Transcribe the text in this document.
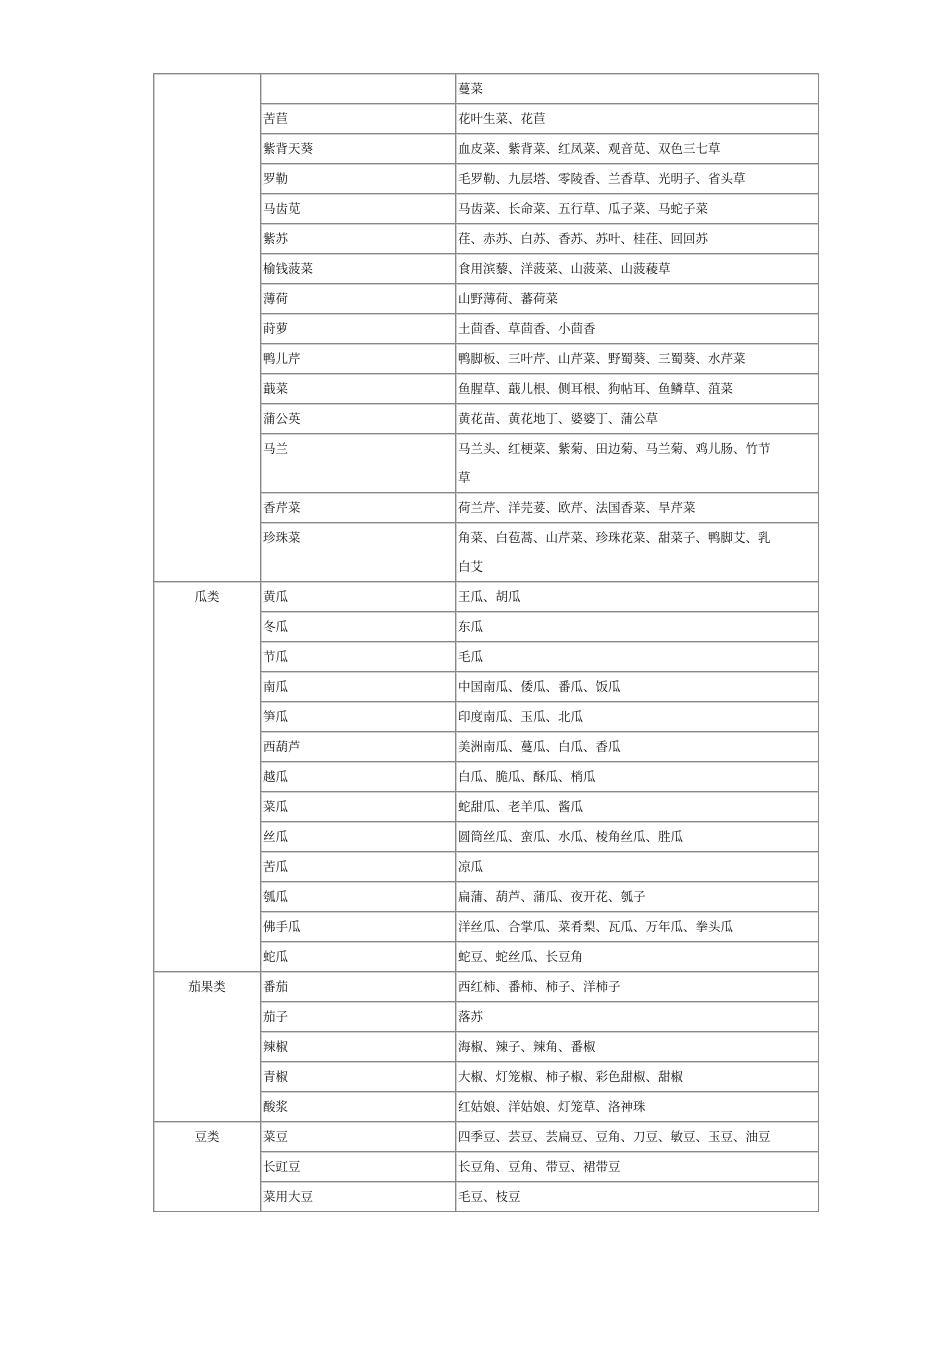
		蔓菜
	苦苣	花叶生菜、花苣
	紫背天葵	血皮菜、紫背菜、红凤菜、观音苋、双色三七草
	罗勒	毛罗勒、九层塔、零陵香、兰香草、光明子、省头草
	马齿苋	马齿菜、长命菜、五行草、瓜子菜、马蛇子菜
	紫苏	荏、赤苏、白苏、香苏、苏叶、桂荏、回回苏
	榆钱菠菜	食用滨藜、洋菠菜、山菠菜、山菠薐草
	薄荷	山野薄荷、蕃荷菜
	莳萝	土茴香、草茴香、小茴香
	鸭儿芹	鸭脚板、三叶芹、山芹菜、野蜀葵、三蜀葵、水芹菜
	蕺菜	鱼腥草、蕺儿根、侧耳根、狗帖耳、鱼鳞草、菹菜
	蒲公英	黄花苗、黄花地丁、婆婆丁、蒲公草
	马兰	马兰头、红梗菜、紫菊、田边菊、马兰菊、鸡儿肠、竹节草
	香芹菜	荷兰芹、洋芫荽、欧芹、法国香菜、旱芹菜
	珍珠菜	角菜、白苞蒿、山芹菜、珍珠花菜、甜菜子、鸭脚艾、乳白艾
瓜类	黄瓜	王瓜、胡瓜
	冬瓜	东瓜
	节瓜	毛瓜
	南瓜	中国南瓜、倭瓜、番瓜、饭瓜
	笋瓜	印度南瓜、玉瓜、北瓜
	西葫芦	美洲南瓜、蔓瓜、白瓜、香瓜
	越瓜	白瓜、脆瓜、酥瓜、梢瓜
	菜瓜	蛇甜瓜、老羊瓜、酱瓜
	丝瓜	圆筒丝瓜、蛮瓜、水瓜、棱角丝瓜、胜瓜
	苦瓜	凉瓜
	瓠瓜	扁蒲、葫芦、蒲瓜、夜开花、瓠子
	佛手瓜	洋丝瓜、合掌瓜、菜肴梨、瓦瓜、万年瓜、拳头瓜
	蛇瓜	蛇豆、蛇丝瓜、长豆角
茄果类	番茄	西红柿、番柿、柿子、洋柿子
	茄子	落苏
	辣椒	海椒、辣子、辣角、番椒
	青椒	大椒、灯笼椒、柿子椒、彩色甜椒、甜椒
	酸浆	红姑娘、洋姑娘、灯笼草、洛神珠
豆类	菜豆	四季豆、芸豆、芸扁豆、豆角、刀豆、敏豆、玉豆、油豆
	长豇豆	长豆角、豆角、带豆、裙带豆
	菜用大豆	毛豆、枝豆
